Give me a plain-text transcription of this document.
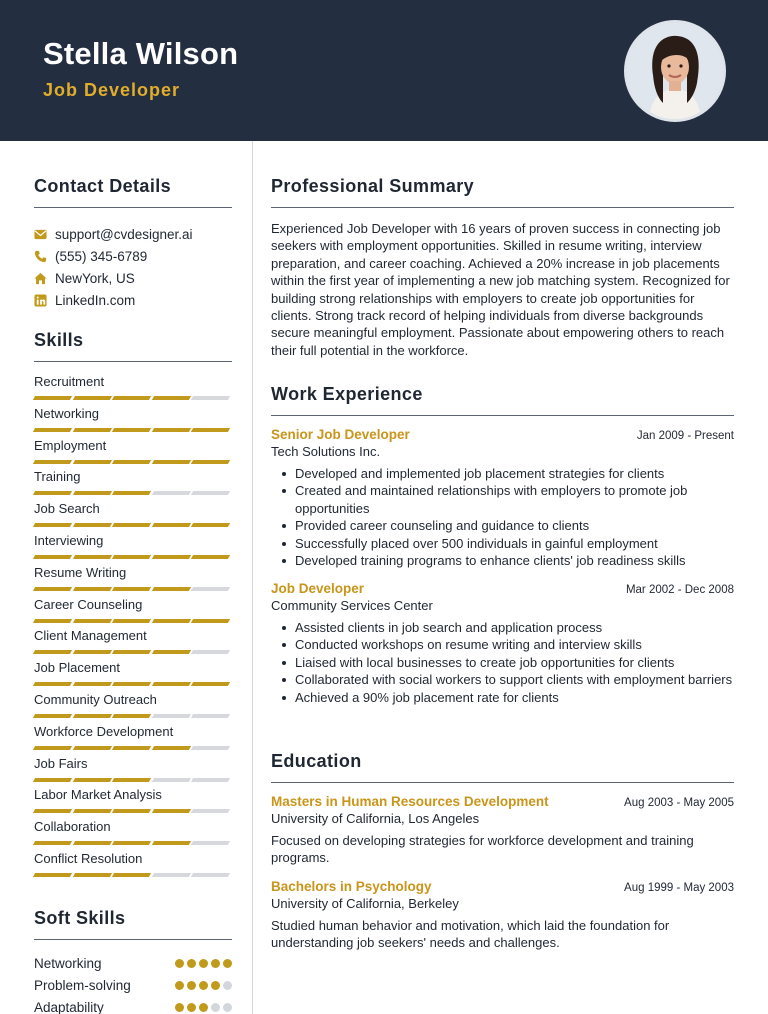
Stella Wilson
Job Developer
Contact Details
support@cvdesigner.ai
(555) 345-6789
NewYork, US
LinkedIn.com
Skills
Recruitment
Networking
Employment
Training
Job Search
Interviewing
Resume Writing
Career Counseling
Client Management
Job Placement
Community Outreach
Workforce Development
Job Fairs
Labor Market Analysis
Collaboration
Conflict Resolution
Soft Skills
Networking
Problem-solving
Adaptability
Professional Summary

Experienced Job Developer with 16 years of proven success in connecting job seekers with employment opportunities. Skilled in resume writing, interview preparation, and career coaching. Achieved a 20% increase in job placements within the first year of implementing a new job matching system. Recognized for building strong relationships with employers to create job opportunities for clients. Strong track record of helping individuals from diverse backgrounds secure meaningful employment. Passionate about empowering others to reach their full potential in the workforce.

Work Experience
Senior Job Developer	Jan 2009 - Present
Tech Solutions Inc.
Developed and implemented job placement strategies for clients
Created and maintained relationships with employers to promote job opportunities
Provided career counseling and guidance to clients
Successfully placed over 500 individuals in gainful employment
Developed training programs to enhance clients' job readiness skills
Job Developer	Mar 2002 - Dec 2008
Community Services Center
Assisted clients in job search and application process
Conducted workshops on resume writing and interview skills
Liaised with local businesses to create job opportunities for clients
Collaborated with social workers to support clients with employment barriers
Achieved a 90% job placement rate for clients
Education
Masters in Human Resources Development	Aug 2003 - May 2005
University of California, Los Angeles

Focused on developing strategies for workforce development and training programs.

Bachelors in Psychology	Aug 1999 - May 2003
University of California, Berkeley

Studied human behavior and motivation, which laid the foundation for understanding job seekers' needs and challenges.
